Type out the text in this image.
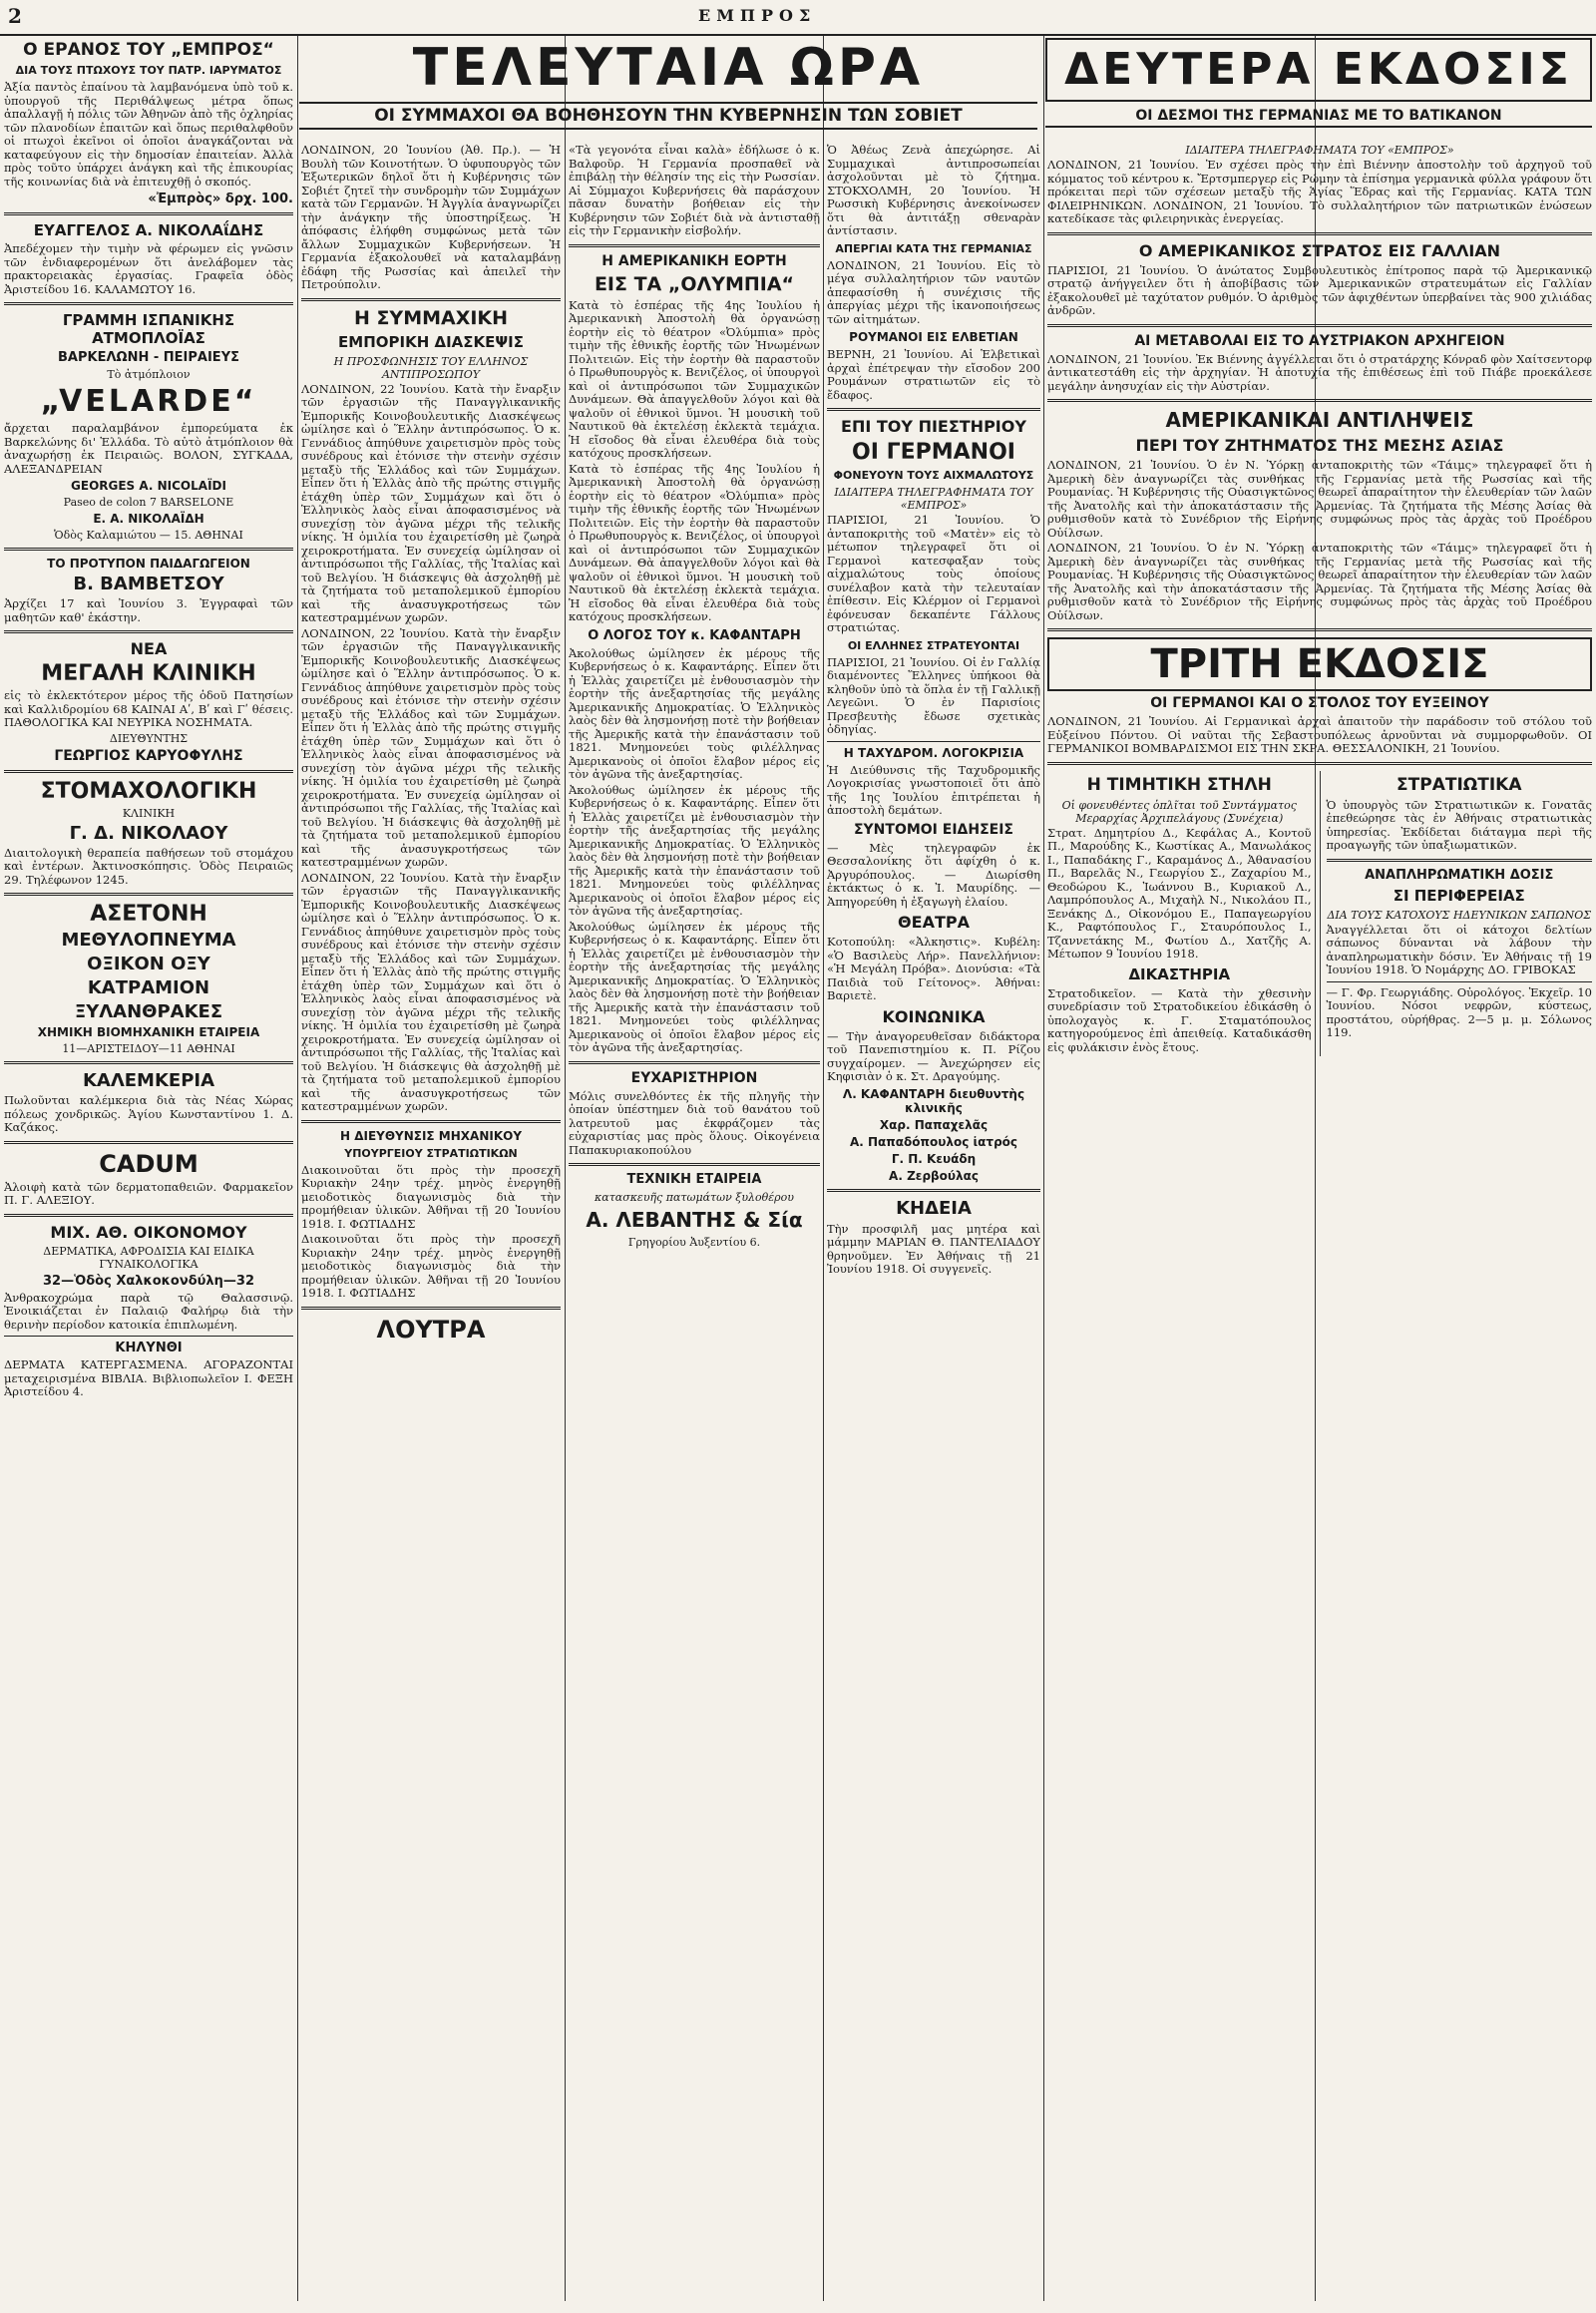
2	ΕΜΠΡΟΣ
Ο ΕΡΑΝΟΣ ΤΟΥ „ΕΜΠΡΟΣ“
ΔΙΑ ΤΟΥΣ ΠΤΩΧΟΥΣ ΤΟΥ ΠΑΤΡ. ΙΑΡΥΜΑΤΟΣ

Ἀξία παντὸς ἐπαίνου τὰ λαμβανόμενα ὑπὸ τοῦ κ. ὑπουργοῦ τῆς Περιθάλψεως μέτρα ὅπως ἀπαλλαγῇ ἡ πόλις τῶν Ἀθηνῶν ἀπὸ τῆς ὀχληρίας τῶν πλανοδίων ἐπαιτῶν καὶ ὅπως περιθαλφθοῦν οἱ πτωχοὶ ἐκεῖνοι οἱ ὁποῖοι ἀναγκάζονται νὰ καταφεύγουν εἰς τὴν δημοσίαν ἐπαιτείαν. Ἀλλὰ πρὸς τοῦτο ὑπάρχει ἀνάγκη καὶ τῆς ἐπικουρίας τῆς κοινωνίας διὰ νὰ ἐπιτευχθῇ ὁ σκοπός.

«Ἐμπρὸς» δρχ. 100.
ΕΥΑΓΓΕΛΟΣ Α. ΝΙΚΟΛΑΐΔΗΣ

Ἀπεδέχομεν τὴν τιμὴν νὰ φέρωμεν εἰς γνῶσιν τῶν ἐνδιαφερομένων ὅτι ἀνελάβομεν τὰς πρακτορειακὰς ἐργασίας. Γραφεῖα ὁδὸς Ἀριστείδου 16. ΚΑΛΑΜΩΤΟΥ 16.

ΓΡΑΜΜΗ ΙΣΠΑΝΙΚΗΣ ΑΤΜΟΠΛΟΪΑΣ
ΒΑΡΚΕΛΩΝΗ - ΠΕΙΡΑΙΕΥΣ
Τὸ ἀτμόπλοιον
„VELARDE“

ἄρχεται παραλαμβάνον ἐμπορεύματα ἐκ Βαρκελώνης δι' Ἑλλάδα. Τὸ αὐτὸ ἀτμόπλοιον θὰ ἀναχωρήσῃ ἐκ Πειραιῶς. ΒΟΛΟΝ, ΣΥΓΚΑΔΑ, ΑΛΕΞΑΝΔΡΕΙΑΝ

GEORGES A. NICOLAÏDI
Paseo de colon 7 BARSELONE
Ε. Α. ΝΙΚΟΛΑΪΔΗ
Ὁδὸς Καλαμιώτου — 15. ΑΘΗΝΑΙ
ΤΟ ΠΡΟΤΥΠΟΝ ΠΑΙΔΑΓΩΓΕΙΟΝ
Β. ΒΑΜΒΕΤΣΟΥ

Ἀρχίζει 17 καὶ Ἰουνίου 3. Ἐγγραφαὶ τῶν μαθητῶν καθ' ἑκάστην.

ΝΕΑ
ΜΕΓΑΛΗ ΚΛΙΝΙΚΗ

εἰς τὸ ἐκλεκτότερον μέρος τῆς ὁδοῦ Πατησίων καὶ Καλλιδρομίου 68 ΚΑΙΝΑΙ Αʹ, Βʹ καὶ Γʹ θέσεις. ΠΑΘΟΛΟΓΙΚΑ ΚΑΙ ΝΕΥΡΙΚΑ ΝΟΣΗΜΑΤΑ.

ΔΙΕΥΘΥΝΤΗΣ
ΓΕΩΡΓΙΟΣ ΚΑΡΥΟΦΥΛΗΣ
ΣΤΟΜΑΧΟΛΟΓΙΚΗ
ΚΛΙΝΙΚΗ
Γ. Δ. ΝΙΚΟΛΑΟΥ

Διαιτολογικὴ θεραπεία παθήσεων τοῦ στομάχου καὶ ἐντέρων. Ἀκτινοσκόπησις. Ὁδὸς Πειραιῶς 29. Τηλέφωνον 1245.

ΑΣΕΤΟΝΗ
ΜΕΘΥΛΟΠΝΕΥΜΑ
ΟΞΙΚΟΝ ΟΞΥ
ΚΑΤΡΑΜΙΟΝ
ΞΥΛΑΝΘΡΑΚΕΣ
ΧΗΜΙΚΗ ΒΙΟΜΗΧΑΝΙΚΗ ΕΤΑΙΡΕΙΑ
11—ΑΡΙΣΤΕΙΔΟΥ—11 ΑΘΗΝΑΙ
ΚΑΛΕΜΚΕΡΙΑ

Πωλοῦνται καλέμκερια διὰ τὰς Νέας Χώρας πόλεως χονδρικῶς. Ἁγίου Κωνσταντίνου 1. Δ. Καζάκος.

CADUM

Ἀλοιφὴ κατὰ τῶν δερματοπαθειῶν. Φαρμακεῖον Π. Γ. ΑΛΕΞΙΟΥ.

ΜΙΧ. ΑΘ. ΟΙΚΟΝΟΜΟΥ
ΔΕΡΜΑΤΙΚΑ, ΑΦΡΟΔΙΣΙΑ ΚΑΙ ΕΙΔΙΚΑ ΓΥΝΑΙΚΟΛΟΓΙΚΑ
32—Ὁδὸς Χαλκοκονδύλη—32

Ἀνθρακοχρώμα παρὰ τῷ Θαλασσινῷ. Ἐνοικιάζεται ἐν Παλαιῷ Φαλήρῳ διὰ τὴν θερινὴν περίοδον κατοικία ἐπιπλωμένη.

ΚΗΛΥΝΘΙ

ΔΕΡΜΑΤΑ ΚΑΤΕΡΓΑΣΜΕΝΑ. ΑΓΟΡΑΖΟΝΤΑΙ μεταχειρισμένα ΒΙΒΛΙΑ. Βιβλιοπωλεῖον Ι. ΦΕΞΗ Ἀριστείδου 4.

ΤΕΛΕΥΤΑΙΑ ΩΡΑ
ΟΙ ΣΥΜΜΑΧΟΙ ΘΑ ΒΟΗΘΗΣΟΥΝ ΤΗΝ ΚΥΒΕΡΝΗΣΙΝ ΤΩΝ ΣΟΒΙΕΤ
ΔΕΥΤΕΡΑ ΕΚΔΟΣΙΣ
ΟΙ ΔΕΣΜΟΙ ΤΗΣ ΓΕΡΜΑΝΙΑΣ ΜΕ ΤΟ ΒΑΤΙΚΑΝΟΝ

ΛΟΝΔΙΝΟΝ, 20 Ἰουνίου (Ἀθ. Πρ.). — Ἡ Βουλὴ τῶν Κοινοτήτων. Ὁ ὑφυπουργὸς τῶν Ἐξωτερικῶν δηλοῖ ὅτι ἡ Κυβέρνησις τῶν Σοβιέτ ζητεῖ τὴν συνδρομὴν τῶν Συμμάχων κατὰ τῶν Γερμανῶν. Ἡ Ἀγγλία ἀναγνωρίζει τὴν ἀνάγκην τῆς ὑποστηρίξεως. Ἡ ἀπόφασις ἐλήφθη συμφώνως μετὰ τῶν ἄλλων Συμμαχικῶν Κυβερνήσεων. Ἡ Γερμανία ἐξακολουθεῖ νὰ καταλαμβάνῃ ἐδάφη τῆς Ρωσσίας καὶ ἀπειλεῖ τὴν Πετρούπολιν.

Η ΣΥΜΜΑΧΙΚΗ
ΕΜΠΟΡΙΚΗ ΔΙΑΣΚΕΨΙΣ
Η ΠΡΟΣΦΩΝΗΣΙΣ ΤΟΥ ΕΛΛΗΝΟΣ ΑΝΤΙΠΡΟΣΩΠΟΥ

ΛΟΝΔΙΝΟΝ, 22 Ἰουνίου. Κατὰ τὴν ἔναρξιν τῶν ἐργασιῶν τῆς Παναγγλικανικῆς Ἐμπορικῆς Κοινοβουλευτικῆς Διασκέψεως ὡμίλησε καὶ ὁ Ἕλλην ἀντιπρόσωπος. Ὁ κ. Γεννάδιος ἀπηύθυνε χαιρετισμὸν πρὸς τοὺς συνέδρους καὶ ἐτόνισε τὴν στενὴν σχέσιν μεταξὺ τῆς Ἑλλάδος καὶ τῶν Συμμάχων. Εἶπεν ὅτι ἡ Ἑλλὰς ἀπὸ τῆς πρώτης στιγμῆς ἐτάχθη ὑπὲρ τῶν Συμμάχων καὶ ὅτι ὁ Ἑλληνικὸς λαὸς εἶναι ἀποφασισμένος νὰ συνεχίσῃ τὸν ἀγῶνα μέχρι τῆς τελικῆς νίκης. Ἡ ὁμιλία του ἐχαιρετίσθη μὲ ζωηρὰ χειροκροτήματα. Ἐν συνεχείᾳ ὡμίλησαν οἱ ἀντιπρόσωποι τῆς Γαλλίας, τῆς Ἰταλίας καὶ τοῦ Βελγίου. Ἡ διάσκεψις θὰ ἀσχοληθῇ μὲ τὰ ζητήματα τοῦ μεταπολεμικοῦ ἐμπορίου καὶ τῆς ἀνασυγκροτήσεως τῶν κατεστραμμένων χωρῶν.

ΛΟΝΔΙΝΟΝ, 22 Ἰουνίου. Κατὰ τὴν ἔναρξιν τῶν ἐργασιῶν τῆς Παναγγλικανικῆς Ἐμπορικῆς Κοινοβουλευτικῆς Διασκέψεως ὡμίλησε καὶ ὁ Ἕλλην ἀντιπρόσωπος. Ὁ κ. Γεννάδιος ἀπηύθυνε χαιρετισμὸν πρὸς τοὺς συνέδρους καὶ ἐτόνισε τὴν στενὴν σχέσιν μεταξὺ τῆς Ἑλλάδος καὶ τῶν Συμμάχων. Εἶπεν ὅτι ἡ Ἑλλὰς ἀπὸ τῆς πρώτης στιγμῆς ἐτάχθη ὑπὲρ τῶν Συμμάχων καὶ ὅτι ὁ Ἑλληνικὸς λαὸς εἶναι ἀποφασισμένος νὰ συνεχίσῃ τὸν ἀγῶνα μέχρι τῆς τελικῆς νίκης. Ἡ ὁμιλία του ἐχαιρετίσθη μὲ ζωηρὰ χειροκροτήματα. Ἐν συνεχείᾳ ὡμίλησαν οἱ ἀντιπρόσωποι τῆς Γαλλίας, τῆς Ἰταλίας καὶ τοῦ Βελγίου. Ἡ διάσκεψις θὰ ἀσχοληθῇ μὲ τὰ ζητήματα τοῦ μεταπολεμικοῦ ἐμπορίου καὶ τῆς ἀνασυγκροτήσεως τῶν κατεστραμμένων χωρῶν.

ΛΟΝΔΙΝΟΝ, 22 Ἰουνίου. Κατὰ τὴν ἔναρξιν τῶν ἐργασιῶν τῆς Παναγγλικανικῆς Ἐμπορικῆς Κοινοβουλευτικῆς Διασκέψεως ὡμίλησε καὶ ὁ Ἕλλην ἀντιπρόσωπος. Ὁ κ. Γεννάδιος ἀπηύθυνε χαιρετισμὸν πρὸς τοὺς συνέδρους καὶ ἐτόνισε τὴν στενὴν σχέσιν μεταξὺ τῆς Ἑλλάδος καὶ τῶν Συμμάχων. Εἶπεν ὅτι ἡ Ἑλλὰς ἀπὸ τῆς πρώτης στιγμῆς ἐτάχθη ὑπὲρ τῶν Συμμάχων καὶ ὅτι ὁ Ἑλληνικὸς λαὸς εἶναι ἀποφασισμένος νὰ συνεχίσῃ τὸν ἀγῶνα μέχρι τῆς τελικῆς νίκης. Ἡ ὁμιλία του ἐχαιρετίσθη μὲ ζωηρὰ χειροκροτήματα. Ἐν συνεχείᾳ ὡμίλησαν οἱ ἀντιπρόσωποι τῆς Γαλλίας, τῆς Ἰταλίας καὶ τοῦ Βελγίου. Ἡ διάσκεψις θὰ ἀσχοληθῇ μὲ τὰ ζητήματα τοῦ μεταπολεμικοῦ ἐμπορίου καὶ τῆς ἀνασυγκροτήσεως τῶν κατεστραμμένων χωρῶν.

Η ΔΙΕΥΘΥΝΣΙΣ ΜΗΧΑΝΙΚΟΥ
ΥΠΟΥΡΓΕΙΟΥ ΣΤΡΑΤΙΩΤΙΚΩΝ

Διακοινοῦται ὅτι πρὸς τὴν προσεχῆ Κυριακὴν 24ην τρέχ. μηνὸς ἐνεργηθῇ μειοδοτικὸς διαγωνισμὸς διὰ τὴν προμήθειαν ὑλικῶν. Ἀθῆναι τῇ 20 Ἰουνίου 1918. Ι. ΦΩΤΙΑΔΗΣ

Διακοινοῦται ὅτι πρὸς τὴν προσεχῆ Κυριακὴν 24ην τρέχ. μηνὸς ἐνεργηθῇ μειοδοτικὸς διαγωνισμὸς διὰ τὴν προμήθειαν ὑλικῶν. Ἀθῆναι τῇ 20 Ἰουνίου 1918. Ι. ΦΩΤΙΑΔΗΣ

ΛΟΥΤΡΑ

«Τὰ γεγονότα εἶναι καλὰ» ἐδήλωσε ὁ κ. Βαλφοῦρ. Ἡ Γερμανία προσπαθεῖ νὰ ἐπιβάλῃ τὴν θέλησίν της εἰς τὴν Ρωσσίαν. Αἱ Σύμμαχοι Κυβερνήσεις θὰ παράσχουν πᾶσαν δυνατὴν βοήθειαν εἰς τὴν Κυβέρνησιν τῶν Σοβιέτ διὰ νὰ ἀντισταθῇ εἰς τὴν Γερμανικὴν εἰσβολήν.

Η ΑΜΕΡΙΚΑΝΙΚΗ ΕΟΡΤΗ
ΕΙΣ ΤΑ „ΟΛΥΜΠΙΑ“

Κατὰ τὸ ἑσπέρας τῆς 4ης Ἰουλίου ἡ Ἀμερικανικὴ Ἀποστολὴ θὰ ὀργανώσῃ ἑορτὴν εἰς τὸ θέατρον «Ὀλύμπια» πρὸς τιμὴν τῆς ἐθνικῆς ἑορτῆς τῶν Ἡνωμένων Πολιτειῶν. Εἰς τὴν ἑορτὴν θὰ παραστοῦν ὁ Πρωθυπουργὸς κ. Βενιζέλος, οἱ ὑπουργοὶ καὶ οἱ ἀντιπρόσωποι τῶν Συμμαχικῶν Δυνάμεων. Θὰ ἀπαγγελθοῦν λόγοι καὶ θὰ ψαλοῦν οἱ ἐθνικοὶ ὕμνοι. Ἡ μουσικὴ τοῦ Ναυτικοῦ θὰ ἐκτελέσῃ ἐκλεκτὰ τεμάχια. Ἡ εἴσοδος θὰ εἶναι ἐλευθέρα διὰ τοὺς κατόχους προσκλήσεων.

Κατὰ τὸ ἑσπέρας τῆς 4ης Ἰουλίου ἡ Ἀμερικανικὴ Ἀποστολὴ θὰ ὀργανώσῃ ἑορτὴν εἰς τὸ θέατρον «Ὀλύμπια» πρὸς τιμὴν τῆς ἐθνικῆς ἑορτῆς τῶν Ἡνωμένων Πολιτειῶν. Εἰς τὴν ἑορτὴν θὰ παραστοῦν ὁ Πρωθυπουργὸς κ. Βενιζέλος, οἱ ὑπουργοὶ καὶ οἱ ἀντιπρόσωποι τῶν Συμμαχικῶν Δυνάμεων. Θὰ ἀπαγγελθοῦν λόγοι καὶ θὰ ψαλοῦν οἱ ἐθνικοὶ ὕμνοι. Ἡ μουσικὴ τοῦ Ναυτικοῦ θὰ ἐκτελέσῃ ἐκλεκτὰ τεμάχια. Ἡ εἴσοδος θὰ εἶναι ἐλευθέρα διὰ τοὺς κατόχους προσκλήσεων.

Ο ΛΟΓΟΣ ΤΟΥ κ. ΚΑΦΑΝΤΑΡΗ

Ἀκολούθως ὡμίλησεν ἐκ μέρους τῆς Κυβερνήσεως ὁ κ. Καφαντάρης. Εἶπεν ὅτι ἡ Ἑλλὰς χαιρετίζει μὲ ἐνθουσιασμὸν τὴν ἑορτὴν τῆς ἀνεξαρτησίας τῆς μεγάλης Ἀμερικανικῆς Δημοκρατίας. Ὁ Ἑλληνικὸς λαὸς δὲν θὰ λησμονήσῃ ποτὲ τὴν βοήθειαν τῆς Ἀμερικῆς κατὰ τὴν ἐπανάστασιν τοῦ 1821. Μνημονεύει τοὺς φιλέλληνας Ἀμερικανοὺς οἱ ὁποῖοι ἔλαβον μέρος εἰς τὸν ἀγῶνα τῆς ἀνεξαρτησίας.

Ἀκολούθως ὡμίλησεν ἐκ μέρους τῆς Κυβερνήσεως ὁ κ. Καφαντάρης. Εἶπεν ὅτι ἡ Ἑλλὰς χαιρετίζει μὲ ἐνθουσιασμὸν τὴν ἑορτὴν τῆς ἀνεξαρτησίας τῆς μεγάλης Ἀμερικανικῆς Δημοκρατίας. Ὁ Ἑλληνικὸς λαὸς δὲν θὰ λησμονήσῃ ποτὲ τὴν βοήθειαν τῆς Ἀμερικῆς κατὰ τὴν ἐπανάστασιν τοῦ 1821. Μνημονεύει τοὺς φιλέλληνας Ἀμερικανοὺς οἱ ὁποῖοι ἔλαβον μέρος εἰς τὸν ἀγῶνα τῆς ἀνεξαρτησίας.

Ἀκολούθως ὡμίλησεν ἐκ μέρους τῆς Κυβερνήσεως ὁ κ. Καφαντάρης. Εἶπεν ὅτι ἡ Ἑλλὰς χαιρετίζει μὲ ἐνθουσιασμὸν τὴν ἑορτὴν τῆς ἀνεξαρτησίας τῆς μεγάλης Ἀμερικανικῆς Δημοκρατίας. Ὁ Ἑλληνικὸς λαὸς δὲν θὰ λησμονήσῃ ποτὲ τὴν βοήθειαν τῆς Ἀμερικῆς κατὰ τὴν ἐπανάστασιν τοῦ 1821. Μνημονεύει τοὺς φιλέλληνας Ἀμερικανοὺς οἱ ὁποῖοι ἔλαβον μέρος εἰς τὸν ἀγῶνα τῆς ἀνεξαρτησίας.

ΕΥΧΑΡΙΣΤΗΡΙΟΝ

Μόλις συνελθόντες ἐκ τῆς πληγῆς τὴν ὁποίαν ὑπέστημεν διὰ τοῦ θανάτου τοῦ λατρευτοῦ μας ἐκφράζομεν τὰς εὐχαριστίας μας πρὸς ὅλους. Οἰκογένεια Παπακυριακοπούλου

ΤΕΧΝΙΚΗ ΕΤΑΙΡΕΙΑ
κατασκευῆς πατωμάτων ξυλοθέρου
Α. ΛΕΒΑΝΤΗΣ & Σία
Γρηγορίου Ἀυξεντίου 6.

Ὁ Ἀθέως Ζενὰ ἀπεχώρησε. Αἱ Συμμαχικαὶ ἀντιπροσωπείαι ἀσχολοῦνται μὲ τὸ ζήτημα. ΣΤΟΚΧΟΛΜΗ, 20 Ἰουνίου. Ἡ Ρωσσικὴ Κυβέρνησις ἀνεκοίνωσεν ὅτι θὰ ἀντιτάξῃ σθεναρὰν ἀντίστασιν.

ΑΠΕΡΓΙΑΙ ΚΑΤΑ ΤΗΣ ΓΕΡΜΑΝΙΑΣ

ΛΟΝΔΙΝΟΝ, 21 Ἰουνίου. Εἰς τὸ μέγα συλλαλητήριον τῶν ναυτῶν ἀπεφασίσθη ἡ συνέχισις τῆς ἀπεργίας μέχρι τῆς ἱκανοποιήσεως τῶν αἰτημάτων.

ΡΟΥΜΑΝΟΙ ΕΙΣ ΕΛΒΕΤΙΑΝ

ΒΕΡΝΗ, 21 Ἰουνίου. Αἱ Ἑλβετικαὶ ἀρχαὶ ἐπέτρεψαν τὴν εἴσοδον 200 Ρουμάνων στρατιωτῶν εἰς τὸ ἔδαφος.

ΕΠΙ ΤΟΥ ΠΙΕΣΤΗΡΙΟΥ
ΟΙ ΓΕΡΜΑΝΟΙ
ΦΟΝΕΥΟΥΝ ΤΟΥΣ ΑΙΧΜΑΛΩΤΟΥΣ
ΙΔΙΑΙΤΕΡΑ ΤΗΛΕΓΡΑΦΗΜΑΤΑ ΤΟΥ «ΕΜΠΡΟΣ»

ΠΑΡΙΣΙΟΙ, 21 Ἰουνίου. Ὁ ἀνταποκριτὴς τοῦ «Ματὲν» εἰς τὸ μέτωπον τηλεγραφεῖ ὅτι οἱ Γερμανοὶ κατεσφαξαν τοὺς αἰχμαλώτους τοὺς ὁποίους συνέλαβον κατὰ τὴν τελευταίαν ἐπίθεσιν. Εἰς Κλέρμον οἱ Γερμανοὶ ἐφόνευσαν δεκαπέντε Γάλλους στρατιώτας.

ΟΙ ΕΛΛΗΝΕΣ ΣΤΡΑΤΕΥΟΝΤΑΙ

ΠΑΡΙΣΙΟΙ, 21 Ἰουνίου. Οἱ ἐν Γαλλίᾳ διαμένοντες Ἕλληνες ὑπήκοοι θὰ κληθοῦν ὑπὸ τὰ ὅπλα ἐν τῇ Γαλλικῇ Λεγεῶνι. Ὁ ἐν Παρισίοις Πρεσβευτὴς ἔδωσε σχετικὰς ὁδηγίας.

Η ΤΑΧΥΔΡΟΜ. ΛΟΓΟΚΡΙΣΙΑ

Ἡ Διεύθυνσις τῆς Ταχυδρομικῆς Λογοκρισίας γνωστοποιεῖ ὅτι ἀπὸ τῆς 1ης Ἰουλίου ἐπιτρέπεται ἡ ἀποστολὴ δεμάτων.

ΣΥΝΤΟΜΟΙ ΕΙΔΗΣΕΙΣ

— Μὲς τηλεγραφῶν ἐκ Θεσσαλονίκης ὅτι ἀφίχθη ὁ κ. Ἀργυρόπουλος. — Διωρίσθη ἐκτάκτως ὁ κ. Ἰ. Μαυρίδης. — Ἀπηγορεύθη ἡ ἐξαγωγὴ ἐλαίου.

ΘΕΑΤΡΑ

Κοτοπούλη: «Ἀλκηστις». Κυβέλη: «Ὁ Βασιλεὺς Λήρ». Πανελλήνιον: «Ἡ Μεγάλη Πρόβα». Διονύσια: «Τὰ Παιδιὰ τοῦ Γείτονος». Ἀθήναι: Βαριετὲ.

ΚΟΙΝΩΝΙΚΑ

— Τὴν ἀναγορευθεῖσαν διδάκτορα τοῦ Πανεπιστημίου κ. Π. Ρίζου συγχαίρομεν. — Ἀνεχώρησεν εἰς Κηφισιὰν ὁ κ. Στ. Δραγούμης.

Λ. ΚΑΦΑΝΤΑΡΗ διευθυντὴς κλινικῆς
Χαρ. Παπαχελᾶς
Α. Παπαδόπουλος ἰατρός
Γ. Π. Κευάδη
Α. Ζερβούλας
ΚΗΔΕΙΑ

Τὴν προσφιλῆ μας μητέρα καὶ μάμμην ΜΑΡΙΑΝ Θ. ΠΑΝΤΕΛΙΑΔΟΥ θρηνοῦμεν. Ἐν Ἀθήναις τῇ 21 Ἰουνίου 1918. Οἱ συγγενεῖς.

ΙΔΙΑΙΤΕΡΑ ΤΗΛΕΓΡΑΦΗΜΑΤΑ ΤΟΥ «ΕΜΠΡΟΣ»

ΛΟΝΔΙΝΟΝ, 21 Ἰουνίου. Ἐν σχέσει πρὸς τὴν ἐπὶ Βιέννην ἀποστολὴν τοῦ ἀρχηγοῦ τοῦ κόμματος τοῦ κέντρου κ. Ἔρτσμπεργερ εἰς Ρώμην τὰ ἐπίσημα γερμανικὰ φύλλα γράφουν ὅτι πρόκειται περὶ τῶν σχέσεων μεταξὺ τῆς Ἁγίας Ἕδρας καὶ τῆς Γερμανίας. ΚΑΤΑ ΤΩΝ ΦΙΛΕΙΡΗΝΙΚΩΝ. ΛΟΝΔΙΝΟΝ, 21 Ἰουνίου. Τὸ συλλαλητήριον τῶν πατριωτικῶν ἑνώσεων κατεδίκασε τὰς φιλειρηνικὰς ἐνεργείας.

Ο ΑΜΕΡΙΚΑΝΙΚΟΣ ΣΤΡΑΤΟΣ ΕΙΣ ΓΑΛΛΙΑΝ

ΠΑΡΙΣΙΟΙ, 21 Ἰουνίου. Ὁ ἀνώτατος Συμβουλευτικὸς ἐπίτροπος παρὰ τῷ Ἀμερικανικῷ στρατῷ ἀνήγγειλεν ὅτι ἡ ἀποβίβασις τῶν Ἀμερικανικῶν στρατευμάτων εἰς Γαλλίαν ἐξακολουθεῖ μὲ ταχύτατον ρυθμόν. Ὁ ἀριθμὸς τῶν ἀφιχθέντων ὑπερβαίνει τὰς 900 χιλιάδας ἀνδρῶν.

ΑΙ ΜΕΤΑΒΟΛΑΙ ΕΙΣ ΤΟ ΑΥΣΤΡΙΑΚΟΝ ΑΡΧΗΓΕΙΟΝ

ΛΟΝΔΙΝΟΝ, 21 Ἰουνίου. Ἐκ Βιέννης ἀγγέλλεται ὅτι ὁ στρατάρχης Κόνραδ φὸν Χαίτσεντορφ ἀντικατεστάθη εἰς τὴν ἀρχηγίαν. Ἡ ἀποτυχία τῆς ἐπιθέσεως ἐπὶ τοῦ Πιάβε προεκάλεσε μεγάλην ἀνησυχίαν εἰς τὴν Αὐστρίαν.

ΑΜΕΡΙΚΑΝΙΚΑΙ ΑΝΤΙΛΗΨΕΙΣ
ΠΕΡΙ ΤΟΥ ΖΗΤΗΜΑΤΟΣ ΤΗΣ ΜΕΣΗΣ ΑΣΙΑΣ

ΛΟΝΔΙΝΟΝ, 21 Ἰουνίου. Ὁ ἐν Ν. Ὑόρκῃ ἀνταποκριτὴς τῶν «Τάιμς» τηλεγραφεῖ ὅτι ἡ Ἀμερικὴ δὲν ἀναγνωρίζει τὰς συνθήκας τῆς Γερμανίας μετὰ τῆς Ρωσσίας καὶ τῆς Ρουμανίας. Ἡ Κυβέρνησις τῆς Οὐασιγκτῶνος θεωρεῖ ἀπαραίτητον τὴν ἐλευθερίαν τῶν λαῶν τῆς Ἀνατολῆς καὶ τὴν ἀποκατάστασιν τῆς Ἀρμενίας. Τὰ ζητήματα τῆς Μέσης Ἀσίας θὰ ρυθμισθοῦν κατὰ τὸ Συνέδριον τῆς Εἰρήνης συμφώνως πρὸς τὰς ἀρχὰς τοῦ Προέδρου Οὐίλσων.

ΛΟΝΔΙΝΟΝ, 21 Ἰουνίου. Ὁ ἐν Ν. Ὑόρκῃ ἀνταποκριτὴς τῶν «Τάιμς» τηλεγραφεῖ ὅτι ἡ Ἀμερικὴ δὲν ἀναγνωρίζει τὰς συνθήκας τῆς Γερμανίας μετὰ τῆς Ρωσσίας καὶ τῆς Ρουμανίας. Ἡ Κυβέρνησις τῆς Οὐασιγκτῶνος θεωρεῖ ἀπαραίτητον τὴν ἐλευθερίαν τῶν λαῶν τῆς Ἀνατολῆς καὶ τὴν ἀποκατάστασιν τῆς Ἀρμενίας. Τὰ ζητήματα τῆς Μέσης Ἀσίας θὰ ρυθμισθοῦν κατὰ τὸ Συνέδριον τῆς Εἰρήνης συμφώνως πρὸς τὰς ἀρχὰς τοῦ Προέδρου Οὐίλσων.

ΤΡΙΤΗ ΕΚΔΟΣΙΣ
ΟΙ ΓΕΡΜΑΝΟΙ ΚΑΙ Ο ΣΤΟΛΟΣ ΤΟΥ ΕΥΞΕΙΝΟΥ

ΛΟΝΔΙΝΟΝ, 21 Ἰουνίου. Αἱ Γερμανικαὶ ἀρχαὶ ἀπαιτοῦν τὴν παράδοσιν τοῦ στόλου τοῦ Εὐξείνου Πόντου. Οἱ ναῦται τῆς Σεβαστουπόλεως ἀρνοῦνται νὰ συμμορφωθοῦν. ΟΙ ΓΕΡΜΑΝΙΚΟΙ ΒΟΜΒΑΡΔΙΣΜΟΙ ΕΙΣ ΤΗΝ ΣΚΡΑ. ΘΕΣΣΑΛΟΝΙΚΗ, 21 Ἰουνίου.

Η ΤΙΜΗΤΙΚΗ ΣΤΗΛΗ
Οἱ φονευθέντες ὁπλῖται τοῦ Συντάγματος Μεραρχίας Ἀρχιπελάγους (Συνέχεια)

Στρατ. Δημητρίου Δ., Κεφάλας Α., Κοντοῦ Π., Μαρούδης Κ., Κωστίκας Α., Μανωλάκος Ι., Παπαδάκης Γ., Καραμάνος Δ., Ἀθανασίου Π., Βαρελᾶς Ν., Γεωργίου Σ., Ζαχαρίου Μ., Θεοδώρου Κ., Ἰωάννου Β., Κυριακοῦ Λ., Λαμπρόπουλος Α., Μιχαὴλ Ν., Νικολάου Π., Ξενάκης Δ., Οἰκονόμου Ε., Παπαγεωργίου Κ., Ραφτόπουλος Γ., Σταυρόπουλος Ι., Τζαννετάκης Μ., Φωτίου Δ., Χατζῆς Α. Μέτωπον 9 Ἰουνίου 1918.

ΔΙΚΑΣΤΗΡΙΑ

Στρατοδικεῖον. — Κατὰ τὴν χθεσινὴν συνεδρίασιν τοῦ Στρατοδικείου ἐδικάσθη ὁ ὑπολοχαγὸς κ. Γ. Σταματόπουλος κατηγορούμενος ἐπὶ ἀπειθείᾳ. Καταδικάσθη εἰς φυλάκισιν ἑνὸς ἔτους.

ΣΤΡΑΤΙΩΤΙΚΑ

Ὁ ὑπουργὸς τῶν Στρατιωτικῶν κ. Γονατᾶς ἐπεθεώρησε τὰς ἐν Ἀθήναις στρατιωτικὰς ὑπηρεσίας. Ἐκδίδεται διάταγμα περὶ τῆς προαγωγῆς τῶν ὑπαξιωματικῶν.

ΑΝΑΠΛΗΡΩΜΑΤΙΚΗ ΔΟΣΙΣ
ΣΙ ΠΕΡΙΦΕΡΕΙΑΣ
ΔΙΑ ΤΟΥΣ ΚΑΤΟΧΟΥΣ ΗΔΕΥΝΙΚΩΝ ΣΑΠΩΝΟΣ

Ἀναγγέλλεται ὅτι οἱ κάτοχοι δελτίων σάπωνος δύνανται νὰ λάβουν τὴν ἀναπληρωματικὴν δόσιν. Ἐν Ἀθήναις τῇ 19 Ἰουνίου 1918. Ὁ Νομάρχης ΔΟ. ΓΡΙΒΟΚΑΣ

— Γ. Φρ. Γεωργιάδης. Οὐρολόγος. Ἐκχεῖρ. 10 Ἰουνίου. Νόσοι νεφρῶν, κύστεως, προστάτου, οὐρήθρας. 2—5 μ. μ. Σόλωνος 119.
